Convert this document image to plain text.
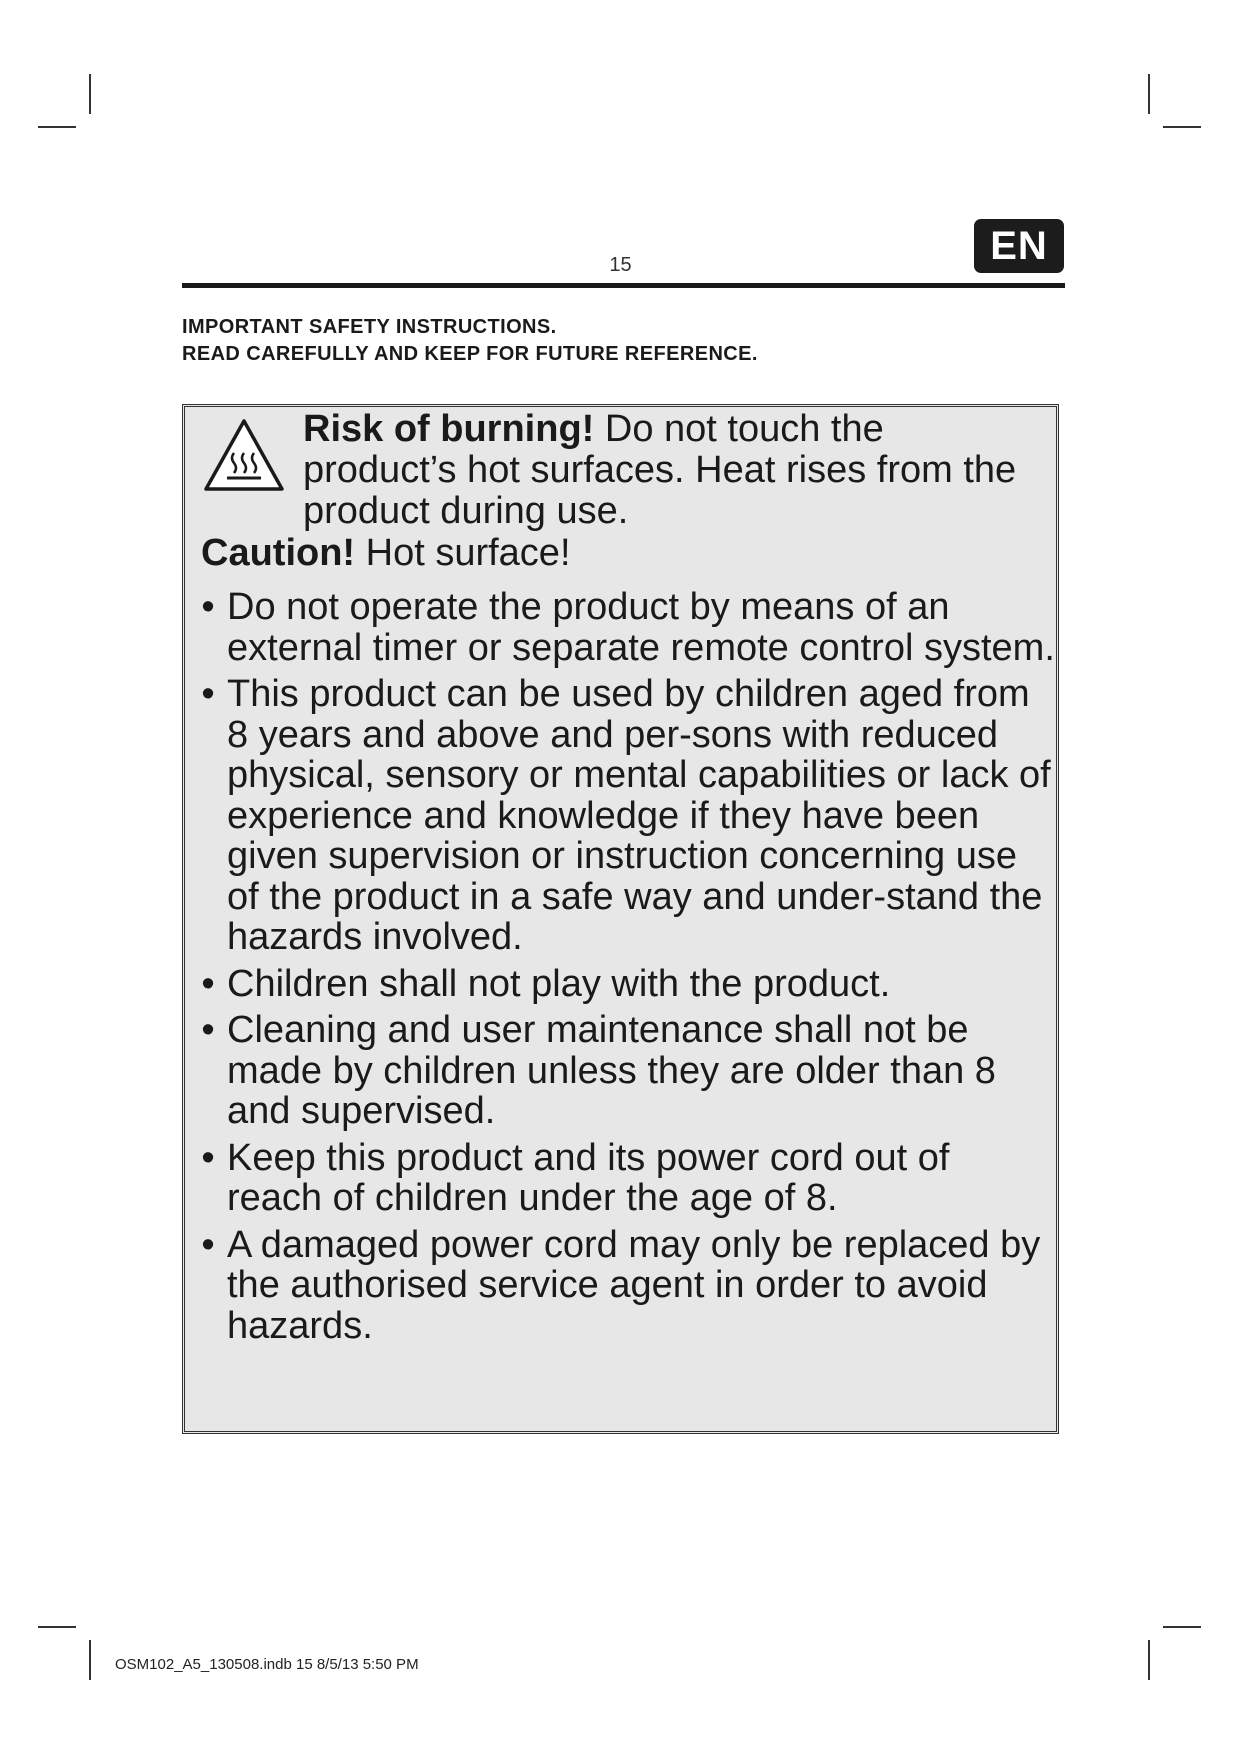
15	EN
IMPORTANT SAFETY INSTRUCTIONS.
READ CAREFULLY AND KEEP FOR FUTURE REFERENCE.
Risk of burning! Do not touch the product’s hot surfaces. Heat rises from the product during use.
Caution! Hot surface!
• Do not operate the product by means of an external timer or separate remote control system.
• This product can be used by children aged from 8 years and above and per-sons with reduced physical, sensory or mental capabilities or lack of experience and knowledge if they have been given supervision or instruction concerning use of the product in a safe way and under-stand the hazards involved.
• Children shall not play with the product.
• Cleaning and user maintenance shall not be made by children unless they are older than 8 and supervised.
• Keep this product and its power cord out of reach of children under the age of 8.
• A damaged power cord may only be replaced by the authorised service agent in order to avoid hazards.
OSM102_A5_130508.indb 15 8/5/13 5:50 PM
